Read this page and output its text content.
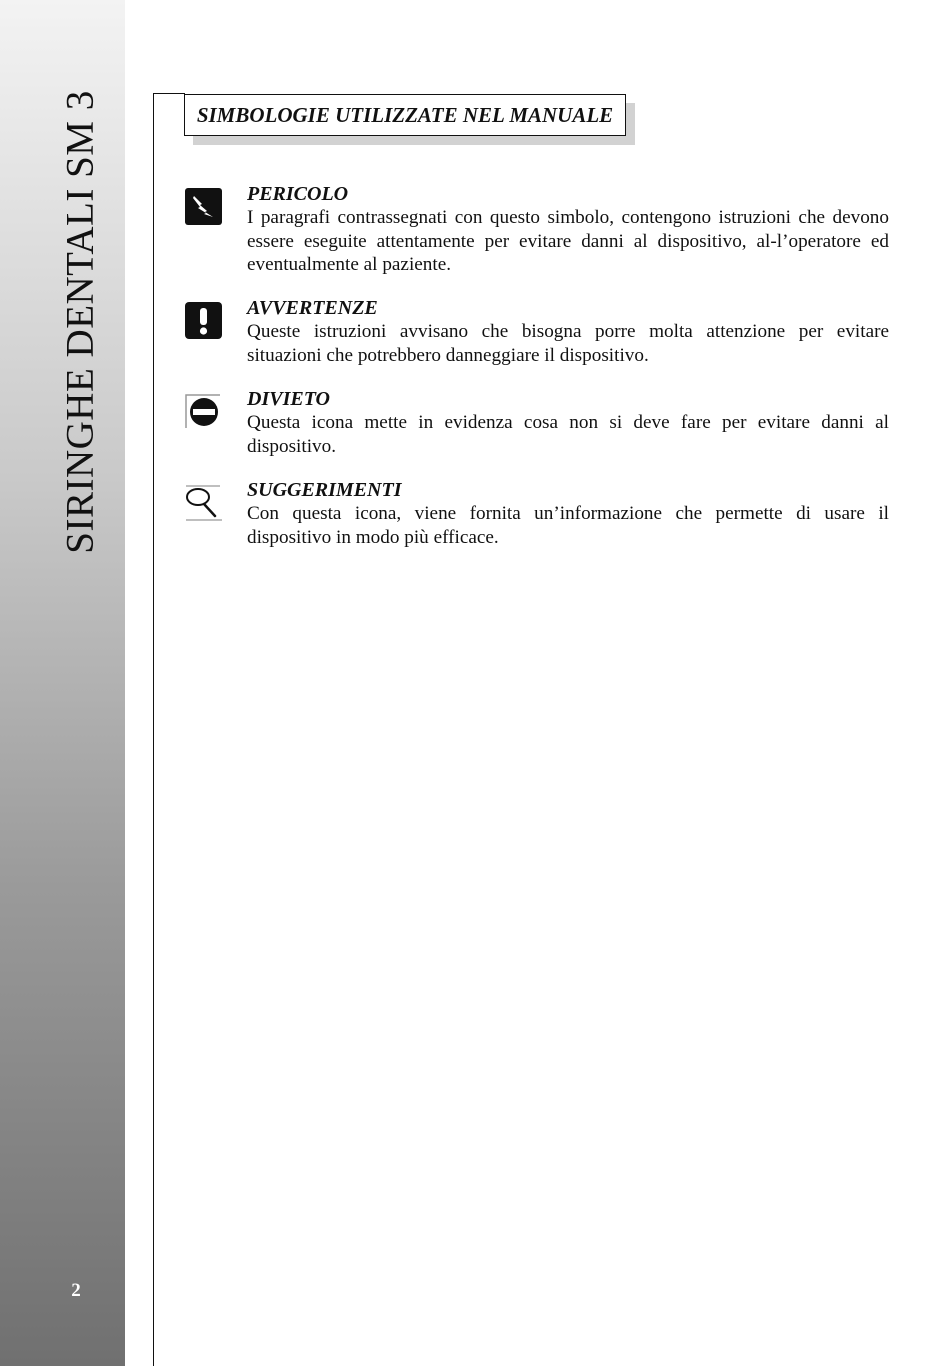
SIRINGHE DENTALI SM 3
2
SIMBOLOGIE UTILIZZATE NEL MANUALE
PERICOLO
I paragrafi contrassegnati con questo simbolo, contengono istruzioni che devono essere eseguite attentamente per evitare danni al dispositivo, al-l’operatore ed eventualmente al paziente.
AVVERTENZE
Queste istruzioni avvisano che bisogna porre molta attenzione per evitare situazioni che potrebbero danneggiare il dispositivo.
DIVIETO
Questa icona mette in evidenza cosa non si deve fare per evitare danni al dispositivo.
SUGGERIMENTI
Con questa icona, viene fornita un’informazione che permette di usare il dispositivo in modo più efficace.
